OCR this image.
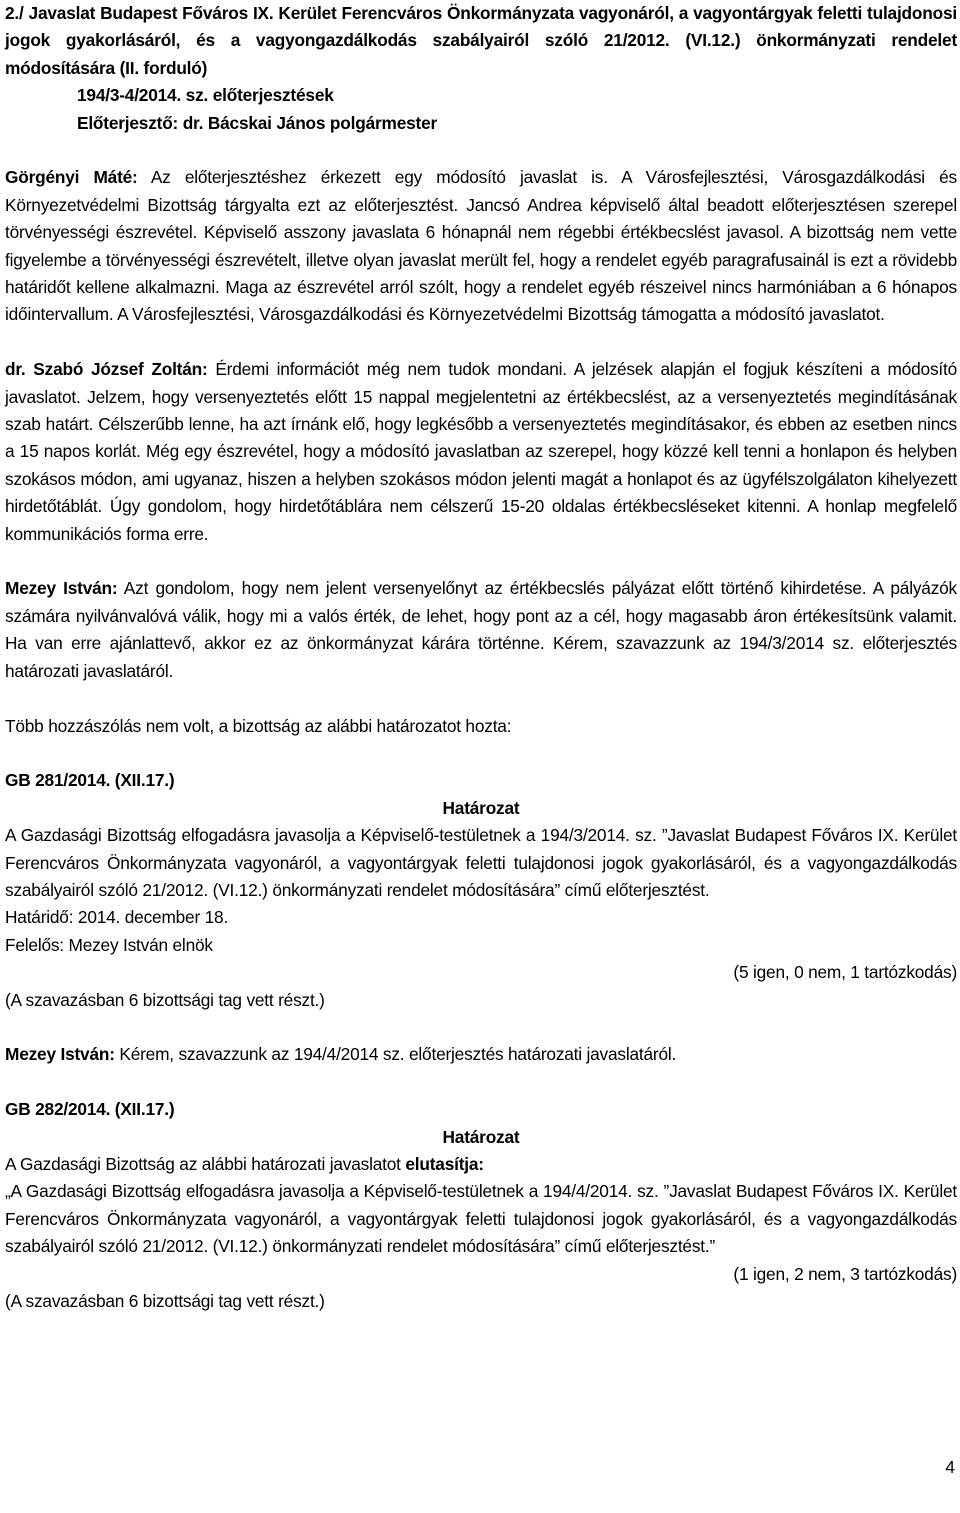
2./ Javaslat Budapest Főváros IX. Kerület Ferencváros Önkormányzata vagyonáról, a vagyontárgyak feletti tulajdonosi jogok gyakorlásáról, és a vagyongazdálkodás szabályairól szóló 21/2012. (VI.12.) önkormányzati rendelet módosítására (II. forduló)

194/3-4/2014. sz. előterjesztések

Előterjesztő: dr. Bácskai János polgármester

Görgényi Máté: Az előterjesztéshez érkezett egy módosító javaslat is. A Városfejlesztési, Városgazdálkodási és Környezetvédelmi Bizottság tárgyalta ezt az előterjesztést. Jancsó Andrea képviselő által beadott előterjesztésen szerepel törvényességi észrevétel. Képviselő asszony javaslata 6 hónapnál nem régebbi értékbecslést javasol. A bizottság nem vette figyelembe a törvényességi észrevételt, illetve olyan javaslat merült fel, hogy a rendelet egyéb paragrafusainál is ezt a rövidebb határidőt kellene alkalmazni. Maga az észrevétel arról szólt, hogy a rendelet egyéb részeivel nincs harmóniában a 6 hónapos időintervallum. A Városfejlesztési, Városgazdálkodási és Környezetvédelmi Bizottság támogatta a módosító javaslatot.

dr. Szabó József Zoltán: Érdemi információt még nem tudok mondani. A jelzések alapján el fogjuk készíteni a módosító javaslatot. Jelzem, hogy versenyeztetés előtt 15 nappal megjelentetni az értékbecslést, az a versenyeztetés megindításának szab határt. Célszerűbb lenne, ha azt írnánk elő, hogy legkésőbb a versenyeztetés megindításakor, és ebben az esetben nincs a 15 napos korlát. Még egy észrevétel, hogy a módosító javaslatban az szerepel, hogy közzé kell tenni a honlapon és helyben szokásos módon, ami ugyanaz, hiszen a helyben szokásos módon jelenti magát a honlapot és az ügyfélszolgálaton kihelyezett hirdetőtáblát. Úgy gondolom, hogy hirdetőtáblára nem célszerű 15-20 oldalas értékbecsléseket kitenni. A honlap megfelelő kommunikációs forma erre.

Mezey István: Azt gondolom, hogy nem jelent versenyelőnyt az értékbecslés pályázat előtt történő kihirdetése. A pályázók számára nyilvánvalóvá válik, hogy mi a valós érték, de lehet, hogy pont az a cél, hogy magasabb áron értékesítsünk valamit. Ha van erre ajánlattevő, akkor ez az önkormányzat kárára történne. Kérem, szavazzunk az 194/3/2014 sz. előterjesztés határozati javaslatáról.

Több hozzászólás nem volt, a bizottság az alábbi határozatot hozta:

GB 281/2014. (XII.17.)

Határozat

A Gazdasági Bizottság elfogadásra javasolja a Képviselő-testületnek a 194/3/2014. sz. ”Javaslat Budapest Főváros IX. Kerület Ferencváros Önkormányzata vagyonáról, a vagyontárgyak feletti tulajdonosi jogok gyakorlásáról, és a vagyongazdálkodás szabályairól szóló 21/2012. (VI.12.) önkormányzati rendelet módosítására” című előterjesztést.

Határidő: 2014. december 18.

Felelős: Mezey István elnök

(5 igen, 0 nem, 1 tartózkodás)

(A szavazásban 6 bizottsági tag vett részt.)

Mezey István: Kérem, szavazzunk az 194/4/2014 sz. előterjesztés határozati javaslatáról.

GB 282/2014. (XII.17.)

Határozat

A Gazdasági Bizottság az alábbi határozati javaslatot elutasítja:

„A Gazdasági Bizottság elfogadásra javasolja a Képviselő-testületnek a 194/4/2014. sz. ”Javaslat Budapest Főváros IX. Kerület Ferencváros Önkormányzata vagyonáról, a vagyontárgyak feletti tulajdonosi jogok gyakorlásáról, és a vagyongazdálkodás szabályairól szóló 21/2012. (VI.12.) önkormányzati rendelet módosítására” című előterjesztést.”

(1 igen, 2 nem, 3 tartózkodás)

(A szavazásban 6 bizottsági tag vett részt.)

4
